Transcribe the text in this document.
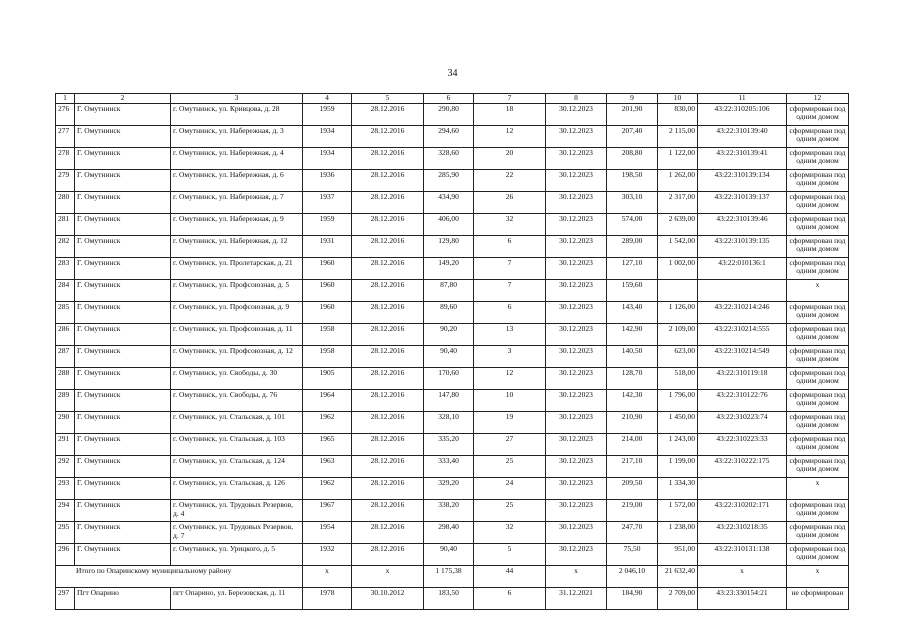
34
1	2	3	4	5	6	7	8	9	10	11	12
276	Г. Омутнинск	г. Омутнинск, ул. Кривцова, д. 28	1959	28.12.2016	290,80	18	30.12.2023	201,90	830,00	43:22:310205:106	сформирован под одним домом
277	Г. Омутнинск	г. Омутнинск, ул. Набережная, д. 3	1934	28.12.2016	294,60	12	30.12.2023	207,40	2 115,00	43:22:310139:40	сформирован под одним домом
278	Г. Омутнинск	г. Омутнинск, ул. Набережная, д. 4	1934	28.12.2016	328,60	20	30.12.2023	208,80	1 122,00	43:22:310139:41	сформирован под одним домом
279	Г. Омутнинск	г. Омутнинск, ул. Набережная, д. 6	1936	28.12.2016	285,90	22	30.12.2023	198,50	1 262,00	43:22:310139:134	сформирован под одним домом
280	Г. Омутнинск	г. Омутнинск, ул. Набережная, д. 7	1937	28.12.2016	434,90	26	30.12.2023	303,10	2 317,00	43:22:310139:137	сформирован под одним домом
281	Г. Омутнинск	г. Омутнинск, ул. Набережная, д. 9	1959	28.12.2016	406,00	32	30.12.2023	574,00	2 639,00	43:22:310139:46	сформирован под одним домом
282	Г. Омутнинск	г. Омутнинск, ул. Набережная, д. 12	1931	28.12.2016	129,80	6	30.12.2023	289,00	1 542,00	43:22:310139:135	сформирован под одним домом
283	Г. Омутнинск	г. Омутнинск, ул. Пролетарская, д. 21	1960	28.12.2016	149,20	7	30.12.2023	127,10	1 002,00	43:22:010136:1	сформирован под одним домом
284	Г. Омутнинск	г. Омутнинск, ул. Профсоюзная, д. 5	1960	28.12.2016	87,80	7	30.12.2023	159,60			х
285	Г. Омутнинск	г. Омутнинск, ул. Профсоюзная, д. 9	1960	28.12.2016	89,60	6	30.12.2023	143,40	1 126,00	43:22:310214:246	сформирован под одним домом
286	Г. Омутнинск	г. Омутнинск, ул. Профсоюзная, д. 11	1958	28.12.2016	90,20	13	30.12.2023	142,90	2 109,00	43:22:310214:555	сформирован под одним домом
287	Г. Омутнинск	г. Омутнинск, ул. Профсоюзная, д. 12	1958	28.12.2016	90,40	3	30.12.2023	140,50	623,00	43:22:310214:549	сформирован под одним домом
288	Г. Омутнинск	г. Омутнинск, ул. Свободы, д. 30	1905	28.12.2016	170,60	12	30.12.2023	128,70	518,00	43:22:310119:18	сформирован под одним домом
289	Г. Омутнинск	г. Омутнинск, ул. Свободы, д. 76	1964	28.12.2016	147,80	10	30.12.2023	142,30	1 796,00	43:22:310122:76	сформирован под одним домом
290	Г. Омутнинск	г. Омутнинск, ул. Стальская, д. 101	1962	28.12.2016	328,10	19	30.12.2023	210,90	1 450,00	43:22:310223:74	сформирован под одним домом
291	Г. Омутнинск	г. Омутнинск, ул. Стальская, д. 103	1965	28.12.2016	335,20	27	30.12.2023	214,00	1 243,00	43:22:310223:33	сформирован под одним домом
292	Г. Омутнинск	г. Омутнинск, ул. Стальская, д. 124	1963	28.12.2016	333,40	25	30.12.2023	217,10	1 199,00	43:22:310222:175	сформирован под одним домом
293	Г. Омутнинск	г. Омутнинск, ул. Стальская, д. 126	1962	28.12.2016	329,20	24	30.12.2023	209,50	1 334,30		х
294	Г. Омутнинск	г. Омутнинск, ул. Трудовых Резервов, д. 4	1967	28.12.2016	338,20	25	30.12.2023	219,00	1 572,00	43:22:310202:171	сформирован под одним домом
295	Г. Омутнинск	г. Омутнинск, ул. Трудовых Резервов, д. 7	1954	28.12.2016	298,40	32	30.12.2023	247,70	1 238,00	43:22:310218:35	сформирован под одним домом
296	Г. Омутнинск	г. Омутнинск, ул. Урицкого, д. 5	1932	28.12.2016	90,40	5	30.12.2023	75,50	951,00	43:22:310131:138	сформирован под одним домом
Итого по Опаринскому муниципальному району			х	х	1 175,38	44	х	2 046,10	21 632,40	х	х
297	Пгт Опарино	пгт Опарино, ул. Березовская, д. 11	1978	30.10.2012	183,50	6	31.12.2021	184,90	2 709,00	43:23:330154:21	не сформирован
